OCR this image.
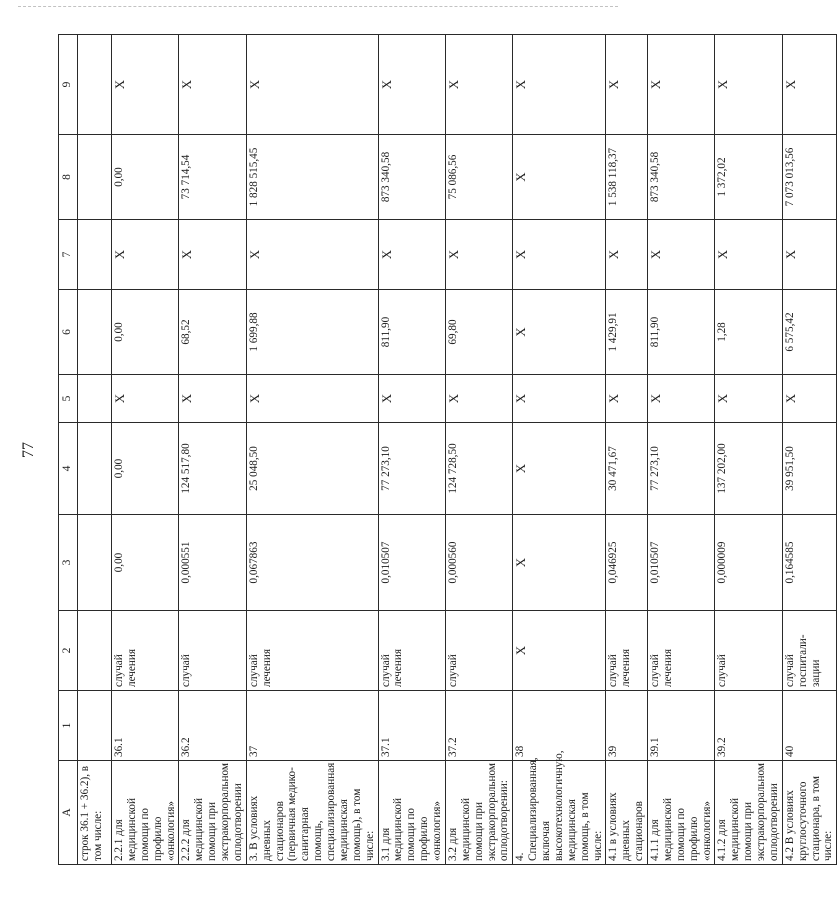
77
A	1	2	3	4	5	6	7	8	9
строк 36.1 + 36.2), в том числе:									
2.2.1 для медицинской помощи по профилю «онкология»	36.1	случай лечения	0,00	0,00	X	0,00	X	0,00	X
2.2.2 для медицинской помощи при экстракорпоральном оплодотворении	36.2	случай	0,000551	124 517,80	X	68,52	X	73 714,54	X
3. В условиях дневных стационаров (первичная медико-санитарная помощь, специализированная медицинская помощь), в том числе:	37	случай лечения	0,067863	25 048,50	X	1 699,88	X	1 828 515,45	X
3.1 для медицинской помощи по профилю «онкология»	37.1	случай лечения	0,010507	77 273,10	X	811,90	X	873 340,58	X
3.2 для медицинской помощи при экстракорпоральном оплодотворении:	37.2	случай	0,000560	124 728,50	X	69,80	X	75 086,56	X
4. Специализированная, включая высокотехнологичную, медицинская помощь, в том числе:	38	X	X	X	X	X	X	X	X
4.1 в условиях дневных стационаров	39	случай лечения	0,046925	30 471,67	X	1 429,91	X	1 538 118,37	X
4.1.1 для медицинской помощи по профилю «онкология»	39.1	случай лечения	0,010507	77 273,10	X	811,90	X	873 340,58	X
4.1.2 для медицинской помощи при экстракорпоральном оплодотворении	39.2	случай	0,000009	137 202,00	X	1,28	X	1 372,02	X
4.2 В условиях круглосуточного стационара, в том числе:	40	случай госпитали-зации	0,164585	39 951,50	X	6 575,42	X	7 073 013,56	X
